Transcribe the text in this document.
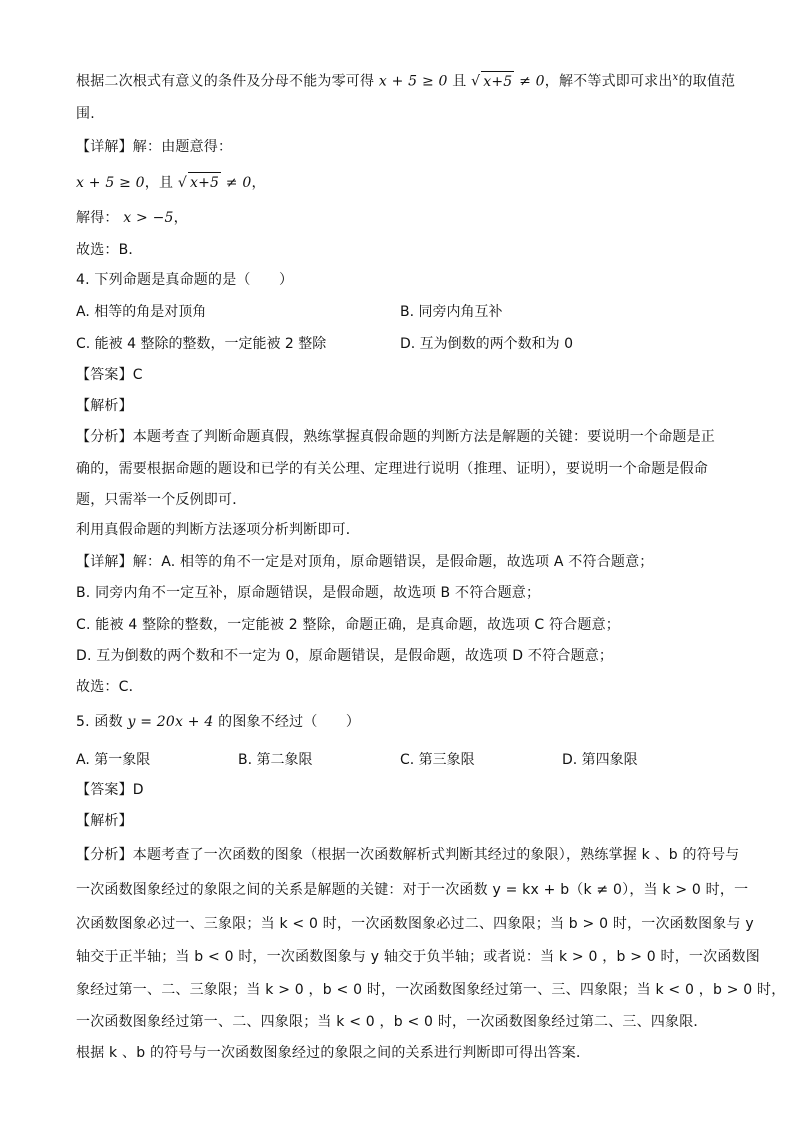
根据二次根式有意义的条件及分母不能为零可得 x + 5 ≥ 0 且 √ x+5 ≠ 0，解不等式即可求出$^x$的取值范
围.
【详解】解：由题意得：
x + 5 ≥ 0，且 √ x+5 ≠ 0，
解得： x > −5，
故选：B．
4. 下列命题是真命题的是（　　）
A. 相等的角是对顶角	B. 同旁内角互补
C. 能被 4 整除的整数，一定能被 2 整除	D. 互为倒数的两个数和为 0
【答案】C
【解析】
【分析】本题考查了判断命题真假，熟练掌握真假命题的判断方法是解题的关键：要说明一个命题是正
确的，需要根据命题的题设和已学的有关公理、定理进行说明（推理、证明），要说明一个命题是假命
题，只需举一个反例即可．
利用真假命题的判断方法逐项分析判断即可．
【详解】解：A. 相等的角不一定是对顶角，原命题错误，是假命题，故选项 A 不符合题意；
B. 同旁内角不一定互补，原命题错误，是假命题，故选项 B 不符合题意；
C. 能被 4 整除的整数，一定能被 2 整除，命题正确，是真命题，故选项 C 符合题意；
D. 互为倒数的两个数和不一定为 0，原命题错误，是假命题，故选项 D 不符合题意；
故选：C．
5. 函数 y = 20x + 4 的图象不经过（　　）
A. 第一象限	B. 第二象限	C. 第三象限	D. 第四象限
【答案】D
【解析】
【分析】本题考查了一次函数的图象（根据一次函数解析式判断其经过的象限），熟练掌握 k 、b 的符号与
一次函数图象经过的象限之间的关系是解题的关键：对于一次函数 y = kx + b（k ≠ 0），当 k > 0 时，一
次函数图象必过一、三象限；当 k < 0 时，一次函数图象必过二、四象限；当 b > 0 时，一次函数图象与 y
轴交于正半轴；当 b < 0 时，一次函数图象与 y 轴交于负半轴；或者说：当 k > 0 ，b > 0 时，一次函数图
象经过第一、二、三象限；当 k > 0 ，b < 0 时，一次函数图象经过第一、三、四象限；当 k < 0 ，b > 0 时，
一次函数图象经过第一、二、四象限；当 k < 0 ，b < 0 时，一次函数图象经过第二、三、四象限．
根据 k 、b 的符号与一次函数图象经过的象限之间的关系进行判断即可得出答案．
